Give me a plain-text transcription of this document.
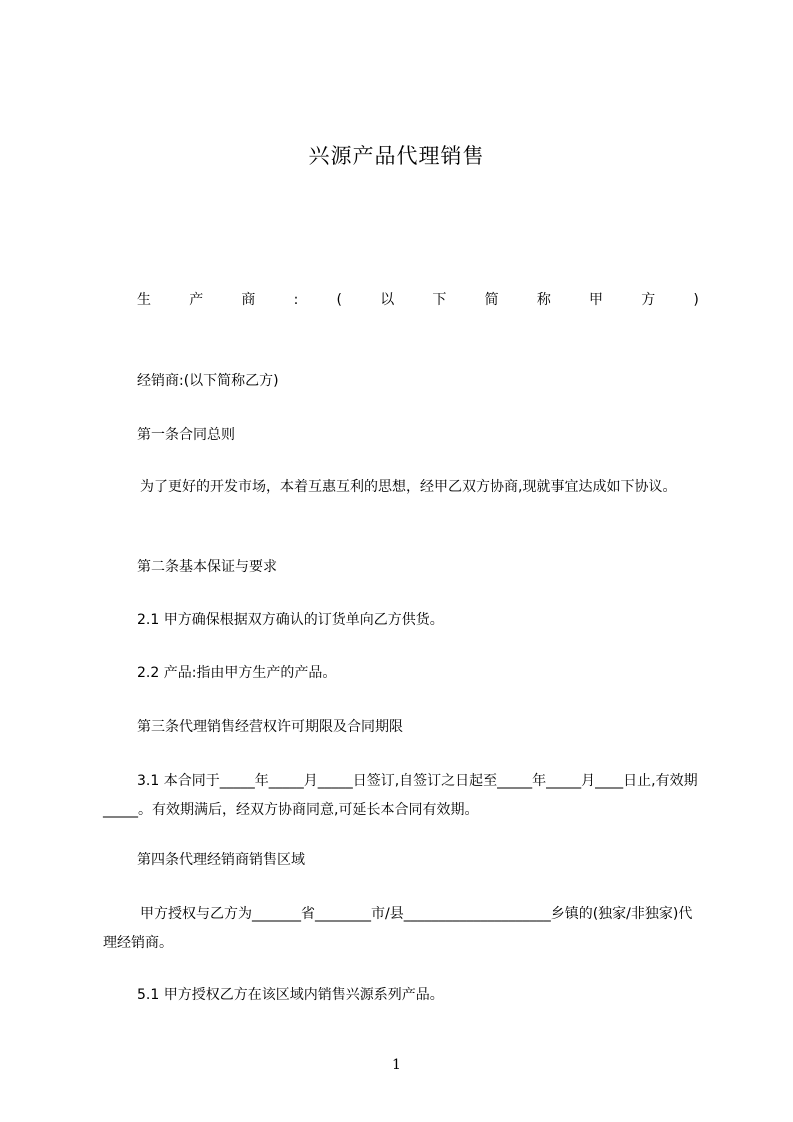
兴源产品代理销售
生	产	商	:	(	以	下	简	称	甲	方	)
经销商:(以下简称乙方)
第一条合同总则
为了更好的开发市场，本着互惠互利的思想，经甲乙双方协商,现就事宜达成如下协议。
第二条基本保证与要求
2.1 甲方确保根据双方确认的订货单向乙方供货。
2.2 产品:指由甲方生产的产品。
第三条代理销售经营权许可期限及合同期限
3.1 本合同于_____年_____月_____日签订,自签订之日起至_____年_____月____日止,有效期_____。有效期满后，经双方协商同意,可延长本合同有效期。
第四条代理经销商销售区域
甲方授权与乙方为_______省________市/县_____________________乡镇的(独家/非独家)代理经销商。
5.1 甲方授权乙方在该区域内销售兴源系列产品。
1
